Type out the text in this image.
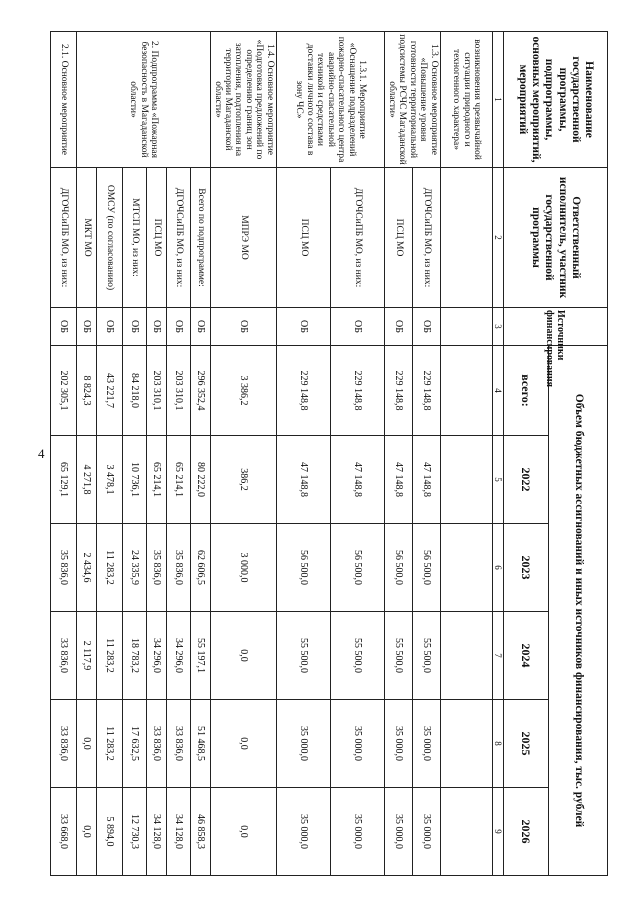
4
Наименование государственной программы, подпрограммы, основных мероприятий, мероприятий	Ответственный исполнитель, участник государственной программы	Источники финансирования	Объем бюджетных ассигнований и иных источников финансирования, тыс. рублей					
			всего:	2022	2023	2024	2025	2026
1	2	3	4	5	6	7	8	9
возникновения чрезвычайной ситуации природного и техногенного характера»								
1.3. Основное мероприятие «Повышение уровня готовности территориальной подсистемы РСЧС Магаданской области»	ДГОЧСиПБ МО, из них:	ОБ	229 148,8	47 148,8	56 500,0	55 500,0	35 000,0	35 000,0
	ПСЦ МО	ОБ	229 148,8	47 148,8	56 500,0	55 500,0	35 000,0	35 000,0
1.3.1. Мероприятие «Оснащение подразделений пожарно-спасательного центра аварийно-спасательной техникой и средствами доставки личного состава в зону ЧС»	ДГОЧСиПБ МО, из них:	ОБ	229 148,8	47 148,8	56 500,0	55 500,0	35 000,0	35 000,0
	ПСЦ МО	ОБ	229 148,8	47 148,8	56 500,0	55 500,0	35 000,0	35 000,0
1.4. Основное мероприятие «Подготовка предложений по определению границ зон затопления, подтопления на территории Магаданской области»	МПРЭ МО	ОБ	3 386,2	386,2	3 000,0	0,0	0,0	0,0
2. Подпрограмма «Пожарная безопасность в Магаданской области»	Всего по подпрограмме:	ОБ	296 352,4	80 222,0	62 606,5	55 197,1	51 468,5	46 858,3
	ДГОЧСиПБ МО, из них:	ОБ	203 310,1	65 214,1	35 836,0	34 296,0	33 836,0	34 128,0
	ПСЦ МО	ОБ	203 310,1	65 214,1	35 836,0	34 296,0	33 836,0	34 128,0
	МТСП МО, из них:	ОБ	84 218,0	10 736,1	24 335,9	18 783,2	17 632,5	12 730,3
	ОМСУ (по согласованию)	ОБ	43 221,7	3 478,1	11 283,2	11 283,2	11 283,2	5 894,0
	МКТ МО	ОБ	8 824,3	4 271,8	2 434,6	2 117,9	0,0	0,0
2.1. Основное мероприятие	ДГОЧСиПБ МО, из них:	ОБ	202 305,1	65 129,1	35 836,0	33 836,0	33 836,0	33 668,0
